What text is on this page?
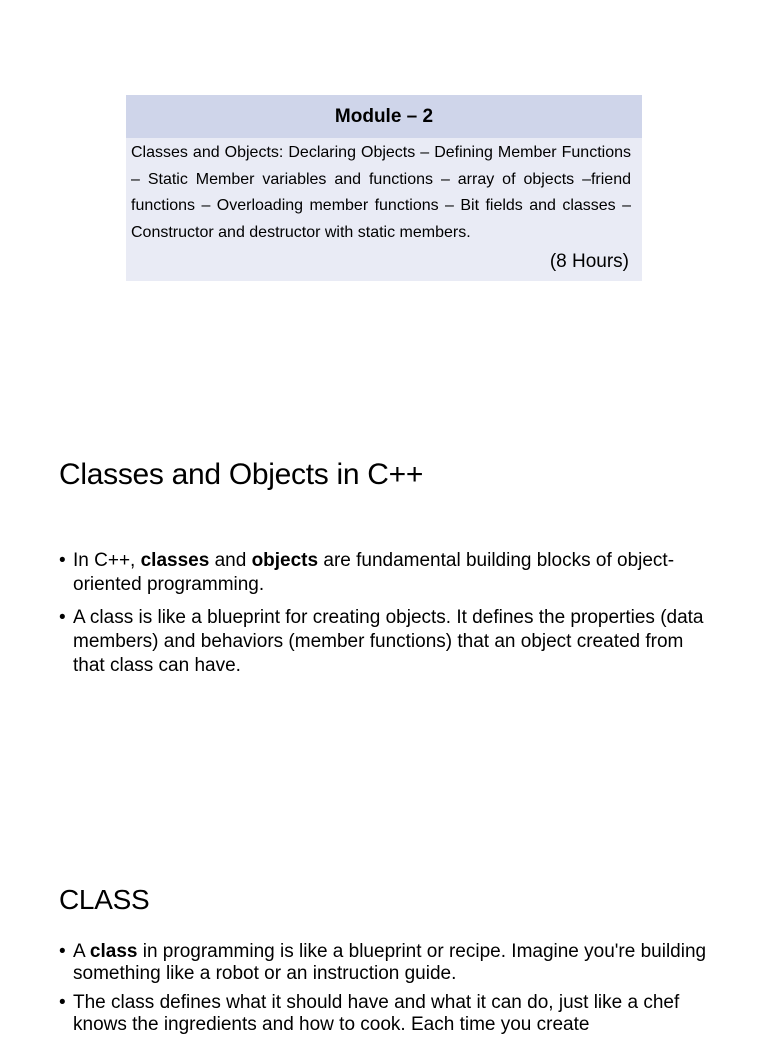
Module – 2
Classes and Objects: Declaring Objects – Defining Member Functions – Static Member variables and functions – array of objects –friend functions – Overloading member functions – Bit fields and classes – Constructor and destructor with static members.
(8 Hours)
Classes and Objects in C++
• In C++, classes and objects are fundamental building blocks of object-oriented programming.
• A class is like a blueprint for creating objects. It defines the properties (data members) and behaviors (member functions) that an object created from that class can have.
CLASS
• A class in programming is like a blueprint or recipe. Imagine you're building something like a robot or an instruction guide.
• The class defines what it should have and what it can do, just like a chef knows the ingredients and how to cook. Each time you create
